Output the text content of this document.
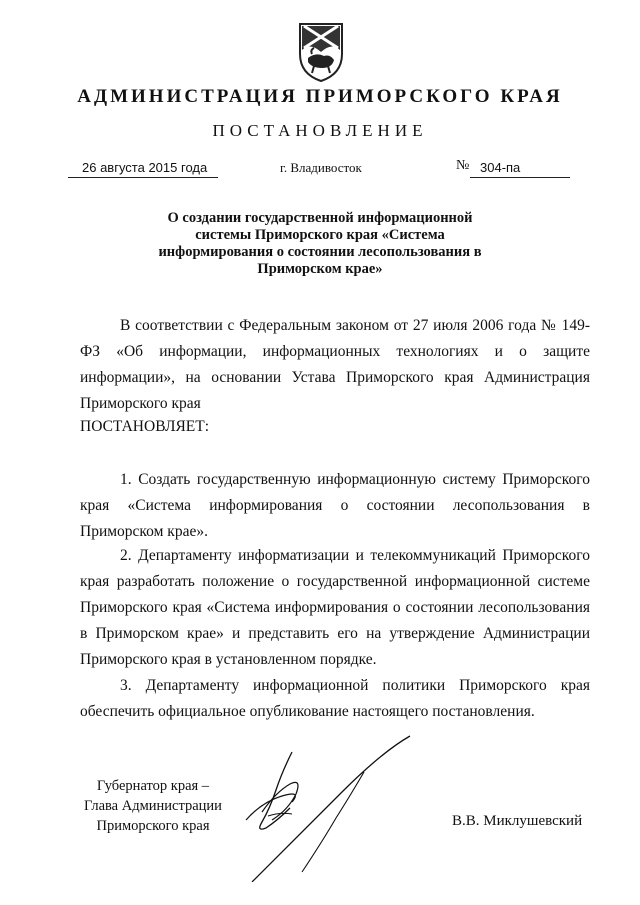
АДМИНИСТРАЦИЯ ПРИМОРСКОГО КРАЯ
ПОСТАНОВЛЕНИЕ
26 августа 2015 года	г. Владивосток	№ 304-па
О создании государственной информационной
системы Приморского края «Система
информирования о состоянии лесопользования в
Приморском крае»
В соответствии с Федеральным законом от 27 июля 2006 года № 149-ФЗ «Об информации, информационных технологиях и о защите информации», на основании Устава Приморского края Администрация Приморского края
ПОСТАНОВЛЯЕТ:
1. Создать государственную информационную систему Приморского края «Система информирования о состоянии лесопользования в Приморском крае».
2. Департаменту информатизации и телекоммуникаций Приморского края разработать положение о государственной информационной системе Приморского края «Система информирования о состоянии лесопользования в Приморском крае» и представить его на утверждение Администрации Приморского края в установленном порядке.
3. Департаменту информационной политики Приморского края обеспечить официальное опубликование настоящего постановления.
Губернатор края –
Глава Администрации
Приморского края	В.В. Миклушевский
